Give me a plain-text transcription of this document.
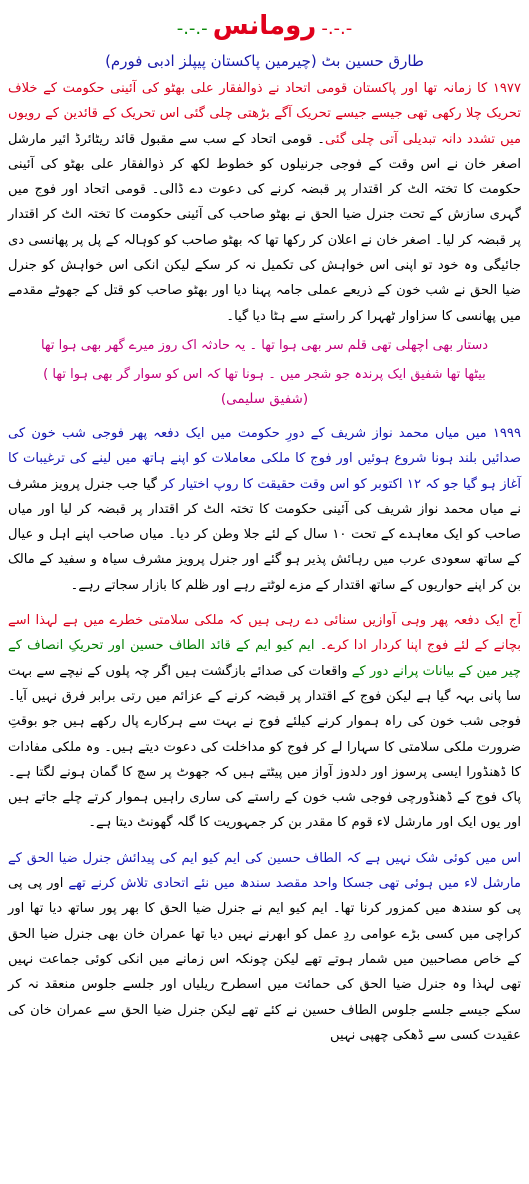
-.-.- رومانس -.-.-
طارق حسین بٹ (چیرمین پاکستان پیپلز ادبی فورم)

۱۹۷۷ کا زمانہ تھا اور پاکستان قومی اتحاد نے ذوالفقار علی بھٹو کی آئینی حکومت کے خلاف تحریک چلا رکھی تھی جیسے جیسے تحریک آگے بڑھتی چلی گئی اس تحریک کے قائدین کے رویوں میں تشدد دانہ تبدیلی آتی چلی گئی۔ قومی اتحاد کے سب سے مقبول قائد ریٹائرڈ ائیر مارشل اصغر خان نے اس وقت کے فوجی جرنیلوں کو خطوط لکھ کر ذوالفقار علی بھٹو کی آئینی حکومت کا تختہ الٹ کر اقتدار پر قبضہ کرنے کی دعوت دے ڈالی۔ قومی اتحاد اور فوج میں گہری سازش کے تحت جنرل ضیا الحق نے بھٹو صاحب کی آئینی حکومت کا تختہ الٹ کر اقتدار پر قبضہ کر لیا۔ اصغر خان نے اعلان کر رکھا تھا کہ بھٹو صاحب کو کوہالہ کے پل پر پھانسی دی جائیگی وہ خود تو اپنی اس خواہش کی تکمیل نہ کر سکے لیکن انکی اس خواہش کو جنرل ضیا الحق نے شب خون کے ذریعے عملی جامہ پہنا دیا اور بھٹو صاحب کو قتل کے جھوٹے مقدمے میں پھانسی کا سزاوار ٹھہرا کر راستے سے ہٹا دیا گیا۔

دستار بھی اچھلی تھی قلم سر بھی ہوا تھا ۔ یہ حادثہ اک روز میرے گھر بھی ہوا تھا
بیٹھا تھا شفیق ایک پرندہ جو شجر میں ۔ ہونا تھا کہ اس کو سوار گر بھی ہوا تھا )
(شفیق سلیمی)

۱۹۹۹ میں میاں محمد نواز شریف کے دورِ حکومت میں ایک دفعہ پھر فوجی شب خون کی صدائیں بلند ہونا شروع ہوئیں اور فوج کا ملکی معاملات کو اپنے ہاتھ میں لینے کی ترغیبات کا آغاز ہو گیا جو کہ ۱۲ اکتوبر کو اس وقت حقیقت کا روپ اختیار کر گیا جب جنرل پرویز مشرف نے میاں محمد نواز شریف کی آئینی حکومت کا تختہ الٹ کر اقتدار پر قبضہ کر لیا اور میاں صاحب کو ایک معاہدے کے تحت ۱۰ سال کے لئے جلا وطن کر دیا۔ میاں صاحب اپنے اہل و عیال کے ساتھ سعودی عرب میں رہائش پذیر ہو گئے اور جنرل پرویز مشرف سیاہ و سفید کے مالک بن کر اپنے حواریوں کے ساتھ اقتدار کے مزے لوٹتے رہے اور ظلم کا بازار سجاتے رہے۔

آج ایک دفعہ پھر وہی آوازیں سنائی دے رہی ہیں کہ ملکی سلامتی خطرے میں ہے لہذا اسے بچانے کے لئے فوج اپنا کردار ادا کرے۔ ایم کیو ایم کے قائد الطاف حسین اور تحریکِ انصاف کے چیر مین کے بیانات پرانے دور کے واقعات کی صدائے بازگشت ہیں اگر چہ پلوں کے نیچے سے بہت سا پانی بہہ گیا ہے لیکن فوج کے اقتدار پر قبضہ کرنے کے عزائم میں رتی برابر فرق نہیں آیا۔ فوجی شب خون کی راہ ہموار کرنے کیلئے فوج نے بہت سے ہرکارے پال رکھے ہیں جو بوقتِ ضرورت ملکی سلامتی کا سہارا لے کر فوج کو مداخلت کی دعوت دیتے ہیں۔ وہ ملکی مفادات کا ڈھنڈورا ایسی پرسوز اور دلدوز آواز میں پیٹتے ہیں کہ جھوٹ پر سچ کا گمان ہونے لگتا ہے۔ پاک فوج کے ڈھنڈورچی فوجی شب خون کے راستے کی ساری راہیں ہموار کرتے چلے جاتے ہیں اور یوں ایک اور مارشل لاء قوم کا مقدر بن کر جمہوریت کا گلہ گھونٹ دیتا ہے۔

اس میں کوئی شک نہیں ہے کہ الطاف حسین کی ایم کیو ایم کی پیدائش جنرل ضیا الحق کے مارشل لاء میں ہوئی تھی جسکا واحد مقصد سندھ میں نئے اتحادی تلاش کرنے تھے اور پی پی پی کو سندھ میں کمزور کرنا تھا۔ ایم کیو ایم نے جنرل ضیا الحق کا بھر پور ساتھ دیا تھا اور کراچی میں کسی بڑے عوامی ردِ عمل کو ابھرنے نہیں دیا تھا عمران خان بھی جنرل ضیا الحق کے خاص مصاحبین میں شمار ہوتے تھے لیکن چونکہ اس زمانے میں انکی کوئی جماعت نہیں تھی لہذا وہ جنرل ضیا الحق کی حمائت میں اسطرح ریلیاں اور جلسے جلوس منعقد نہ کر سکے جیسے جلسے جلوس الطاف حسین نے کئے تھے لیکن جنرل ضیا الحق سے عمران خان کی عقیدت کسی سے ڈھکی چھپی نہیں
